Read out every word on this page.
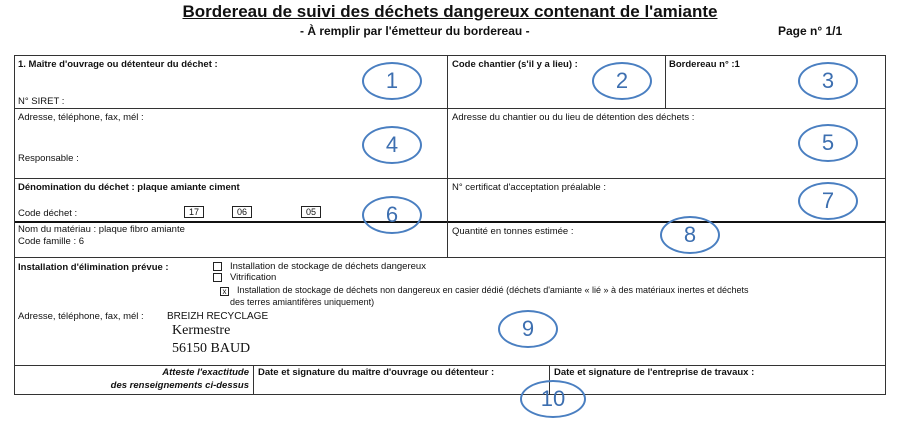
Bordereau de suivi des déchets dangereux contenant de l'amiante
- À remplir par l'émetteur du bordereau -	Page n° 1/1
1. Maître d'ouvrage ou détenteur du déchet :
N° SIRET :
Code chantier (s'il y a lieu) :	Bordereau n° :1
Adresse, téléphone, fax, mél :
Responsable :
Adresse du chantier ou du lieu de détention des déchets :
Dénomination du déchet : plaque amiante ciment	N° certificat d'acceptation préalable :
Code déchet :	17	06	05
Nom du matériau : plaque fibro amiante
Code famille : 6
Quantité en tonnes estimée :
Installation d'élimination prévue :	Installation de stockage de déchets dangereux
Vitrification
x Installation de stockage de déchets non dangereux en casier dédié (déchets d'amiante « lié » à des matériaux inertes et déchets
des terres amiantifères uniquement)
Adresse, téléphone, fax, mél : BREIZH RECYCLAGE
Kermestre
56150 BAUD
Atteste l'exactitude
des renseignements ci-dessus
Date et signature du maître d'ouvrage ou détenteur :	Date et signature de l'entreprise de travaux :
1	2	3
4	5
6
7
8
9
10
